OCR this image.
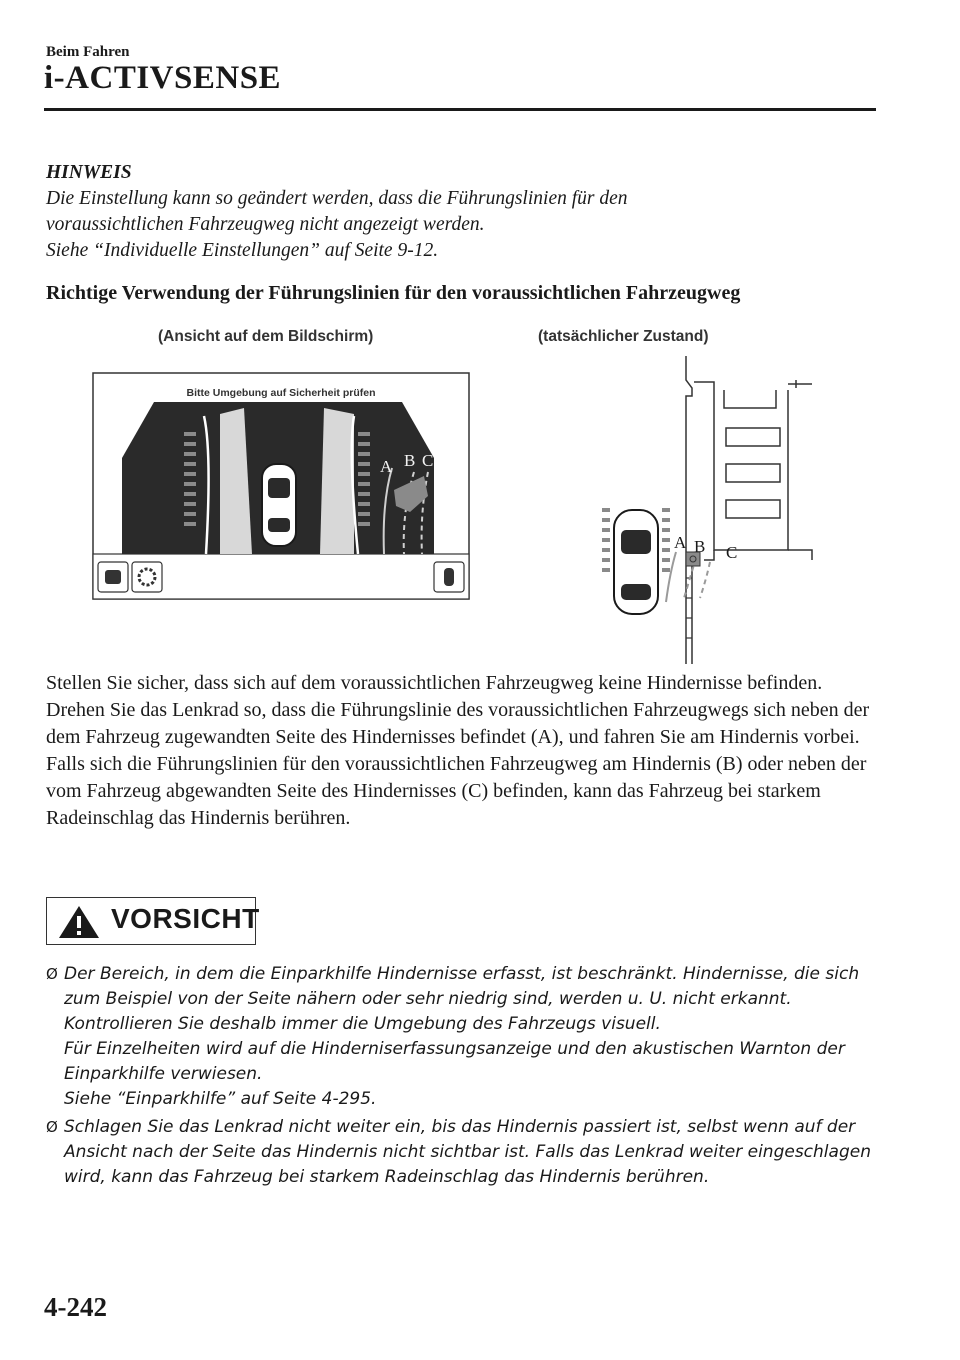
Beim Fahren
i-ACTIVSENSE
HINWEIS
Die Einstellung kann so geändert werden, dass die Führungslinien für den
voraussichtlichen Fahrzeugweg nicht angezeigt werden.
Siehe “Individuelle Einstellungen” auf Seite 9-12.
Richtige Verwendung der Führungslinien für den voraussichtlichen Fahrzeugweg
(Ansicht auf dem Bildschirm)	(tatsächlicher Zustand)
Bitte Umgebung auf Sicherheit prüfen
A B C
A B C

Stellen Sie sicher, dass sich auf dem voraussichtlichen Fahrzeugweg keine Hindernisse befinden.

Drehen Sie das Lenkrad so, dass die Führungslinie des voraussichtlichen Fahrzeugwegs sich neben der dem Fahrzeug zugewandten Seite des Hindernisses befindet (A), und fahren Sie am Hindernis vorbei.

Falls sich die Führungslinien für den voraussichtlichen Fahrzeugweg am Hindernis (B) oder neben der vom Fahrzeug abgewandten Seite des Hindernisses (C) befinden, kann das Fahrzeug bei starkem Radeinschlag das Hindernis berühren.

VORSICHT
Ø Der Bereich, in dem die Einparkhilfe Hindernisse erfasst, ist beschränkt. Hindernisse, die sich zum Beispiel von der Seite nähern oder sehr niedrig sind, werden u. U. nicht erkannt. Kontrollieren Sie deshalb immer die Umgebung des Fahrzeugs visuell.

Für Einzelheiten wird auf die Hinderniserfassungsanzeige und den akustischen Warnton der Einparkhilfe verwiesen.

Siehe “Einparkhilfe” auf Seite 4-295.

Ø Schlagen Sie das Lenkrad nicht weiter ein, bis das Hindernis passiert ist, selbst wenn auf der Ansicht nach der Seite das Hindernis nicht sichtbar ist. Falls das Lenkrad weiter eingeschlagen wird, kann das Fahrzeug bei starkem Radeinschlag das Hindernis berühren.

4-242
